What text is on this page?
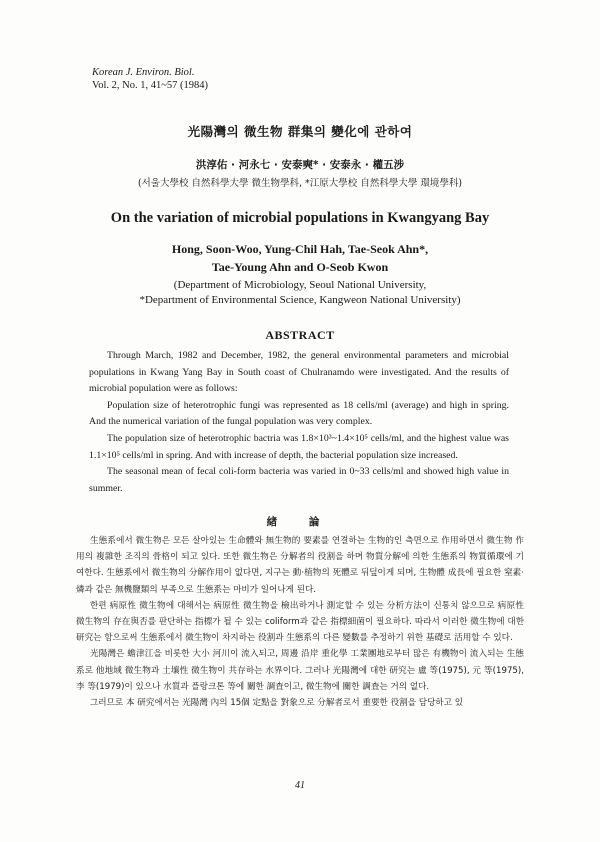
Korean J. Environ. Biol.
Vol. 2, No. 1, 41~57 (1984)
光陽灣의 微生物 群集의 變化에 관하여
洪淳佑 · 河永七 · 安泰奭* · 安泰永 · 權五涉
(서울大學校 自然科學大學 微生物學科, *江原大學校 自然科學大學 環境學科)
On the variation of microbial populations in Kwangyang Bay
Hong, Soon-Woo, Yung-Chil Hah, Tae-Seok Ahn*,
Tae-Young Ahn and O-Seob Kwon
(Department of Microbiology, Seoul National University,
*Department of Environmental Science, Kangweon National University)
ABSTRACT

Through March, 1982 and December, 1982, the general environmental parameters and microbial populations in Kwang Yang Bay in South coast of Chulranamdo were investigated. And the results of microbial population were as follows:

Population size of heterotrophic fungi was represented as 18 cells/ml (average) and high in spring. And the numerical variation of the fungal population was very complex.

The population size of heterotrophic bactria was 1.8×10³~1.4×10⁵ cells/ml, and the highest value was 1.1×10⁵ cells/ml in spring. And with increase of depth, the bacterial population size increased.

The seasonal mean of fecal coli-form bacteria was varied in 0~33 cells/ml and showed high value in summer.

緖 論

生態系에서 微生物은 모든 살아있는 生命體와 無生物的 要素를 연결하는 生物的인 측면으로 作用하면서 微生物 作用의 複雜한 조직의 骨格이 되고 있다. 또한 微生物은 分解者의 役割을 하며 物質分解에 의한 生態系의 物質循環에 기여한다. 生態系에서 微生物의 分解作用이 없다면, 지구는 動·植物의 死體로 뒤덮이게 되며, 生物體 成長에 필요한 窒素·燐과 같은 無機鹽類의 부족으로 生態系는 마비가 일어나게 된다.

한편 病原性 微生物에 대해서는 病原性 微生物을 檢出하거나 測定할 수 있는 分析方法이 신통치 않으므로 病原性 微生物의 存在與否를 판단하는 指標가 될 수 있는 coliform과 같은 指標細菌이 필요하다. 따라서 이러한 微生物에 대한 研究는 함으로써 生態系에서 微生物이 차지하는 役割과 生態系의 다른 變數를 추정하기 위한 基礎로 活用할 수 있다.

光陽灣은 蟾津江을 비롯한 大小 河川이 流入되고, 周邊 沿岸 重化學 工業團地로부터 많은 有機物이 流入되는 生態系로 他地域 微生物과 土壤性 微生物이 共存하는 水界이다. 그러나 光陽灣에 대한 研究는 盧 等(1975), 元 等(1975), 李 等(1979)이 있으나 水質과 플랑크톤 等에 關한 調査이고, 微生物에 關한 調査는 거의 없다.

그러므로 本 研究에서는 光陽灣 內의 15個 定點을 對象으로 分解者로서 重要한 役割을 담당하고 있

41
